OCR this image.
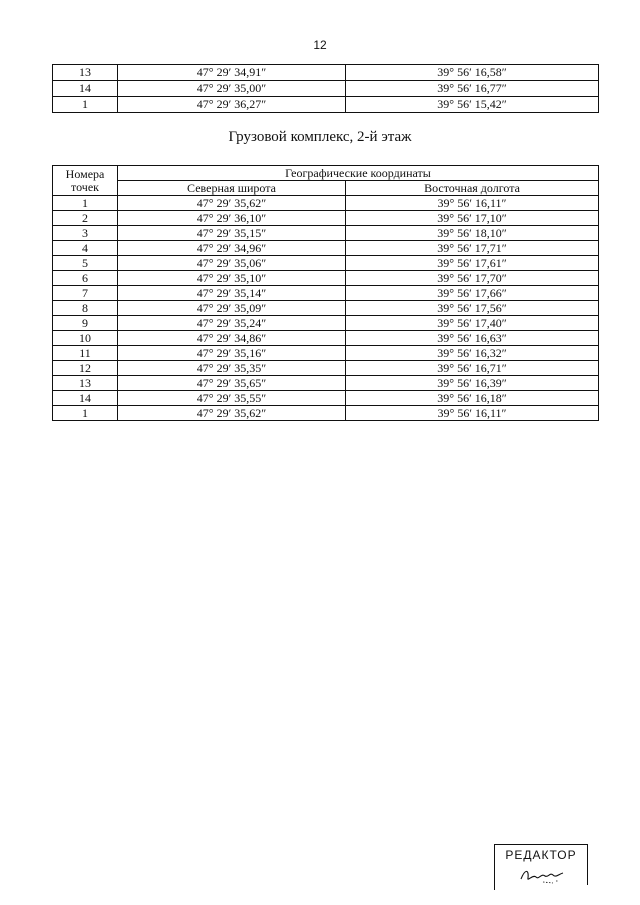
12
13	47° 29′ 34,91″	39° 56′ 16,58″
14	47° 29′ 35,00″	39° 56′ 16,77″
1	47° 29′ 36,27″	39° 56′ 15,42″
Грузовой комплекс, 2-й этаж
Номера
точек	Географические координаты	
	Северная широта	Восточная долгота
1	47° 29′ 35,62″	39° 56′ 16,11″
2	47° 29′ 36,10″	39° 56′ 17,10″
3	47° 29′ 35,15″	39° 56′ 18,10″
4	47° 29′ 34,96″	39° 56′ 17,71″
5	47° 29′ 35,06″	39° 56′ 17,61″
6	47° 29′ 35,10″	39° 56′ 17,70″
7	47° 29′ 35,14″	39° 56′ 17,66″
8	47° 29′ 35,09″	39° 56′ 17,56″
9	47° 29′ 35,24″	39° 56′ 17,40″
10	47° 29′ 34,86″	39° 56′ 16,63″
11	47° 29′ 35,16″	39° 56′ 16,32″
12	47° 29′ 35,35″	39° 56′ 16,71″
13	47° 29′ 35,65″	39° 56′ 16,39″
14	47° 29′ 35,55″	39° 56′ 16,18″
1	47° 29′ 35,62″	39° 56′ 16,11″
РЕДАКТОР
